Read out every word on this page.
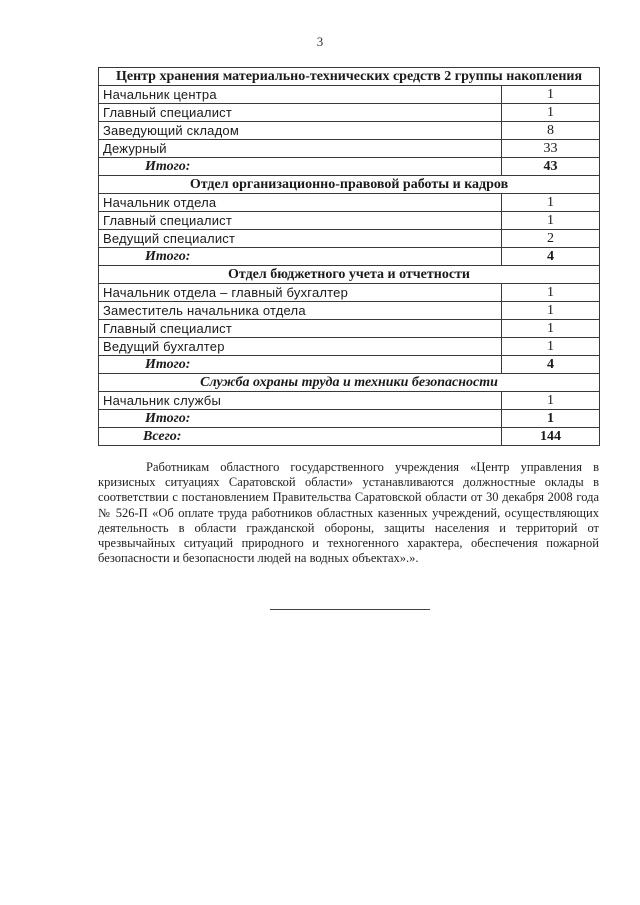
3
Центр хранения материально-технических средств 2 группы накопления	
Начальник центра	1
Главный специалист	1
Заведующий складом	8
Дежурный	33
Итого:	43
Отдел организационно-правовой работы и кадров	
Начальник отдела	1
Главный специалист	1
Ведущий специалист	2
Итого:	4
Отдел бюджетного учета и отчетности	
Начальник отдела – главный бухгалтер	1
Заместитель начальника отдела	1
Главный специалист	1
Ведущий бухгалтер	1
Итого:	4
Служба охраны труда и техники безопасности	
Начальник службы	1
Итого:	1
Всего:	144

Работникам областного государственного учреждения «Центр управления в кризисных ситуациях Саратовской области» устанавливаются должностные оклады в соответствии с постановлением Правительства Саратовской области от 30 декабря 2008 года № 526-П «Об оплате труда работников областных казенных учреждений, осуществляющих деятельность в области гражданской обороны, защиты населения и территорий от чрезвычайных ситуаций природного и техногенного характера, обеспечения пожарной безопасности и безопасности людей на водных объектах».».
